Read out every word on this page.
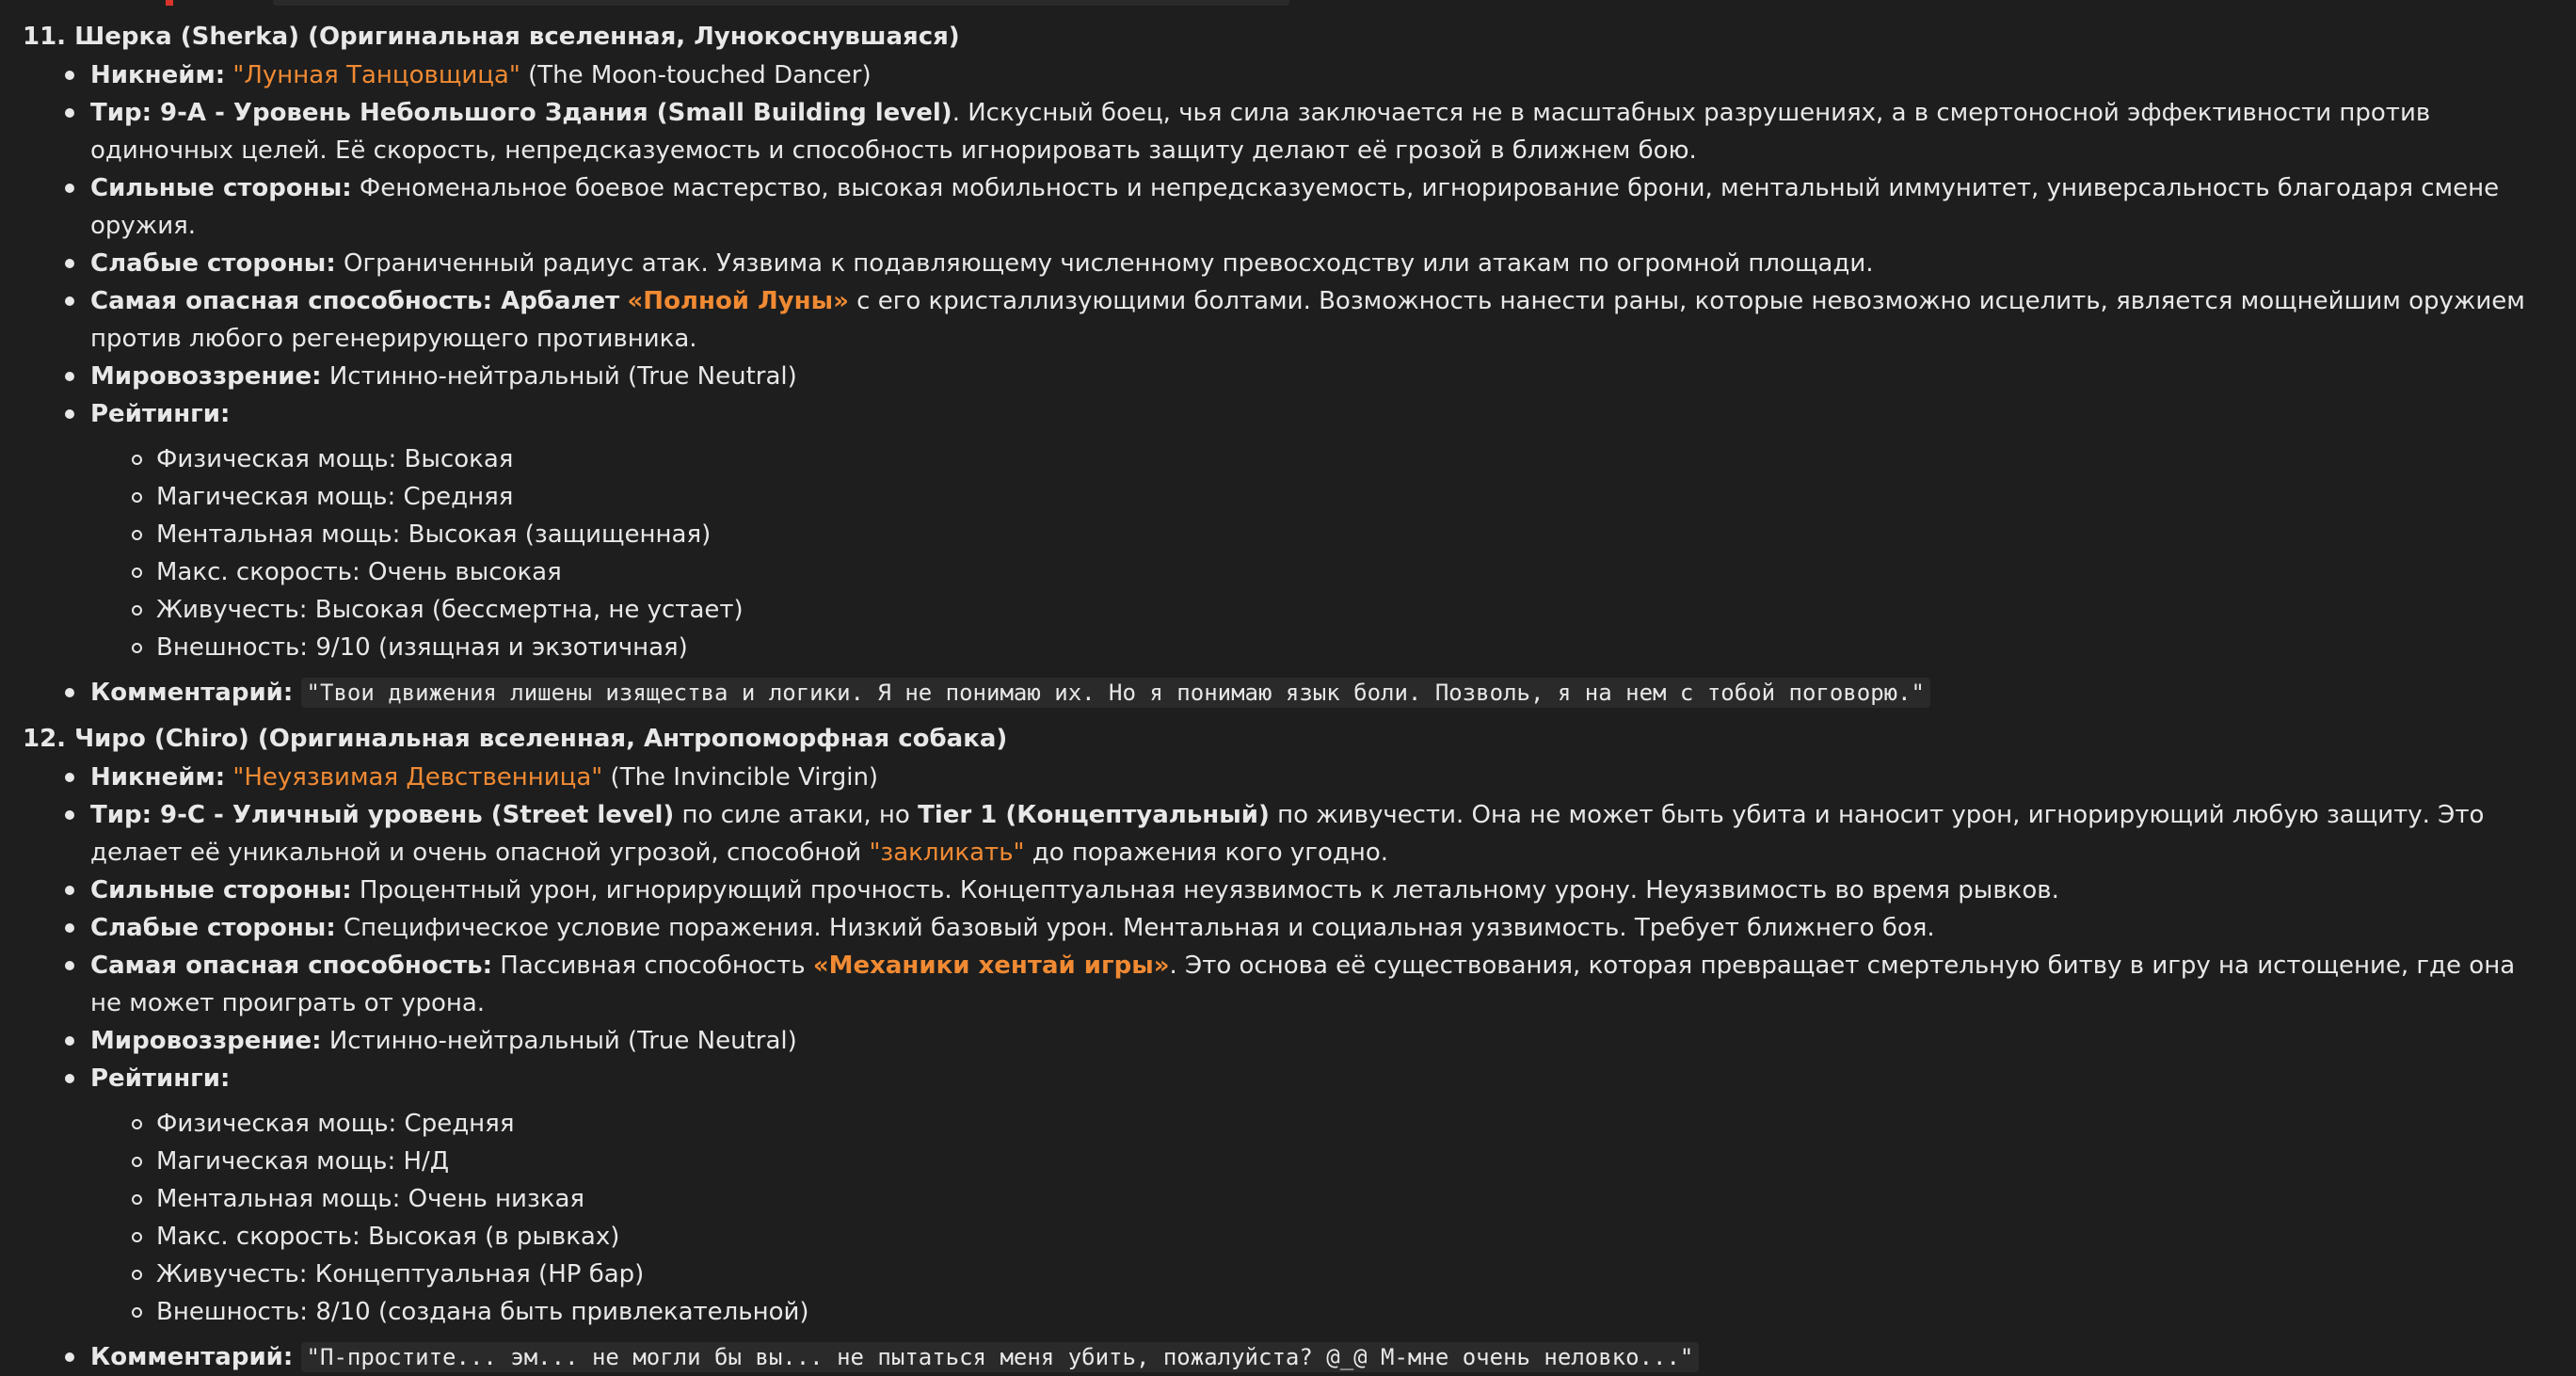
11. Шерка (Sherka) (Оригинальная вселенная, Лунокоснувшаяся)
Никнейм: "Лунная Танцовщица" (The Moon-touched Dancer)
Тир: 9-A - Уровень Небольшого Здания (Small Building level). Искусный боец, чья сила заключается не в масштабных разрушениях, а в смертоносной эффективности против одиночных целей. Её скорость, непредсказуемость и способность игнорировать защиту делают её грозой в ближнем бою.
Сильные стороны: Феноменальное боевое мастерство, высокая мобильность и непредсказуемость, игнорирование брони, ментальный иммунитет, универсальность благодаря смене оружия.
Слабые стороны: Ограниченный радиус атак. Уязвима к подавляющему численному превосходству или атакам по огромной площади.
Самая опасная способность: Арбалет «Полной Луны» с его кристаллизующими болтами. Возможность нанести раны, которые невозможно исцелить, является мощнейшим оружием против любого регенерирующего противника.
Мировоззрение: Истинно-нейтральный (True Neutral)
Рейтинги:
Физическая мощь: Высокая
Магическая мощь: Средняя
Ментальная мощь: Высокая (защищенная)
Макс. скорость: Очень высокая
Живучесть: Высокая (бессмертна, не устает)
Внешность: 9/10 (изящная и экзотичная)
Комментарий: "Твои движения лишены изящества и логики. Я не понимаю их. Но я понимаю язык боли. Позволь, я на нем с тобой поговорю."
12. Чиро (Chiro) (Оригинальная вселенная, Антропоморфная собака)
Никнейм: "Неуязвимая Девственница" (The Invincible Virgin)
Тир: 9-C - Уличный уровень (Street level) по силе атаки, но Tier 1 (Концептуальный) по живучести. Она не может быть убита и наносит урон, игнорирующий любую защиту. Это делает её уникальной и очень опасной угрозой, способной "закликать" до поражения кого угодно.
Сильные стороны: Процентный урон, игнорирующий прочность. Концептуальная неуязвимость к летальному урону. Неуязвимость во время рывков.
Слабые стороны: Специфическое условие поражения. Низкий базовый урон. Ментальная и социальная уязвимость. Требует ближнего боя.
Самая опасная способность: Пассивная способность «Механики хентай игры». Это основа её существования, которая превращает смертельную битву в игру на истощение, где она не может проиграть от урона.
Мировоззрение: Истинно-нейтральный (True Neutral)
Рейтинги:
Физическая мощь: Средняя
Магическая мощь: Н/Д
Ментальная мощь: Очень низкая
Макс. скорость: Высокая (в рывках)
Живучесть: Концептуальная (HP бар)
Внешность: 8/10 (создана быть привлекательной)
Комментарий: "П-простите... эм... не могли бы вы... не пытаться меня убить, пожалуйста? @_@ М-мне очень неловко..."
